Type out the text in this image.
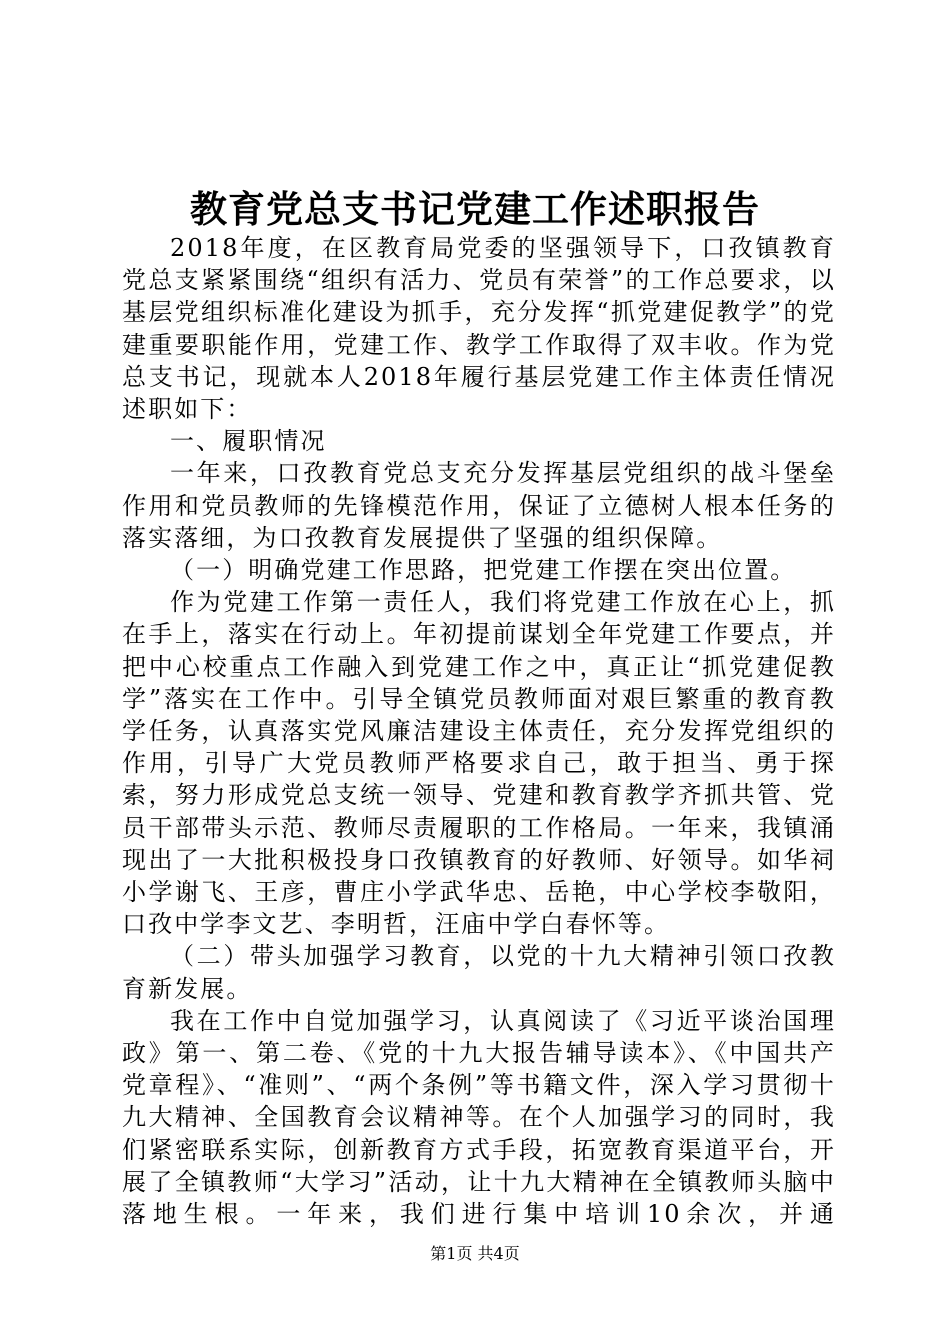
教育党总支书记党建工作述职报告

2018年度，在区教育局党委的坚强领导下，口孜镇教育党总支紧紧围绕“组织有活力、党员有荣誉”的工作总要求，以基层党组织标准化建设为抓手，充分发挥“抓党建促教学”的党建重要职能作用，党建工作、教学工作取得了双丰收。作为党总支书记，现就本人2018年履行基层党建工作主体责任情况述职如下：

一、履职情况

一年来，口孜教育党总支充分发挥基层党组织的战斗堡垒作用和党员教师的先锋模范作用，保证了立德树人根本任务的落实落细，为口孜教育发展提供了坚强的组织保障。

（一）明确党建工作思路，把党建工作摆在突出位置。

作为党建工作第一责任人，我们将党建工作放在心上，抓在手上，落实在行动上。年初提前谋划全年党建工作要点，并把中心校重点工作融入到党建工作之中，真正让“抓党建促教学”落实在工作中。引导全镇党员教师面对艰巨繁重的教育教学任务，认真落实党风廉洁建设主体责任，充分发挥党组织的作用，引导广大党员教师严格要求自己，敢于担当、勇于探索，努力形成党总支统一领导、党建和教育教学齐抓共管、党员干部带头示范、教师尽责履职的工作格局。一年来，我镇涌现出了一大批积极投身口孜镇教育的好教师、好领导。如华祠小学谢飞、王彦，曹庄小学武华忠、岳艳，中心学校李敬阳，口孜中学李文艺、李明哲，汪庙中学白春怀等。

（二）带头加强学习教育，以党的十九大精神引领口孜教育新发展。

我在工作中自觉加强学习，认真阅读了《习近平谈治国理政》第一、第二卷、《党的十九大报告辅导读本》、《中国共产党章程》、“准则”、“两个条例”等书籍文件，深入学习贯彻十九大精神、全国教育会议精神等。在个人加强学习的同时，我们紧密联系实际，创新教育方式手段，拓宽教育渠道平台，开展了全镇教师“大学习”活动，让十九大精神在全镇教师头脑中落地生根。一年来，我们进行集中培训10余次，并通

第1页 共4页
